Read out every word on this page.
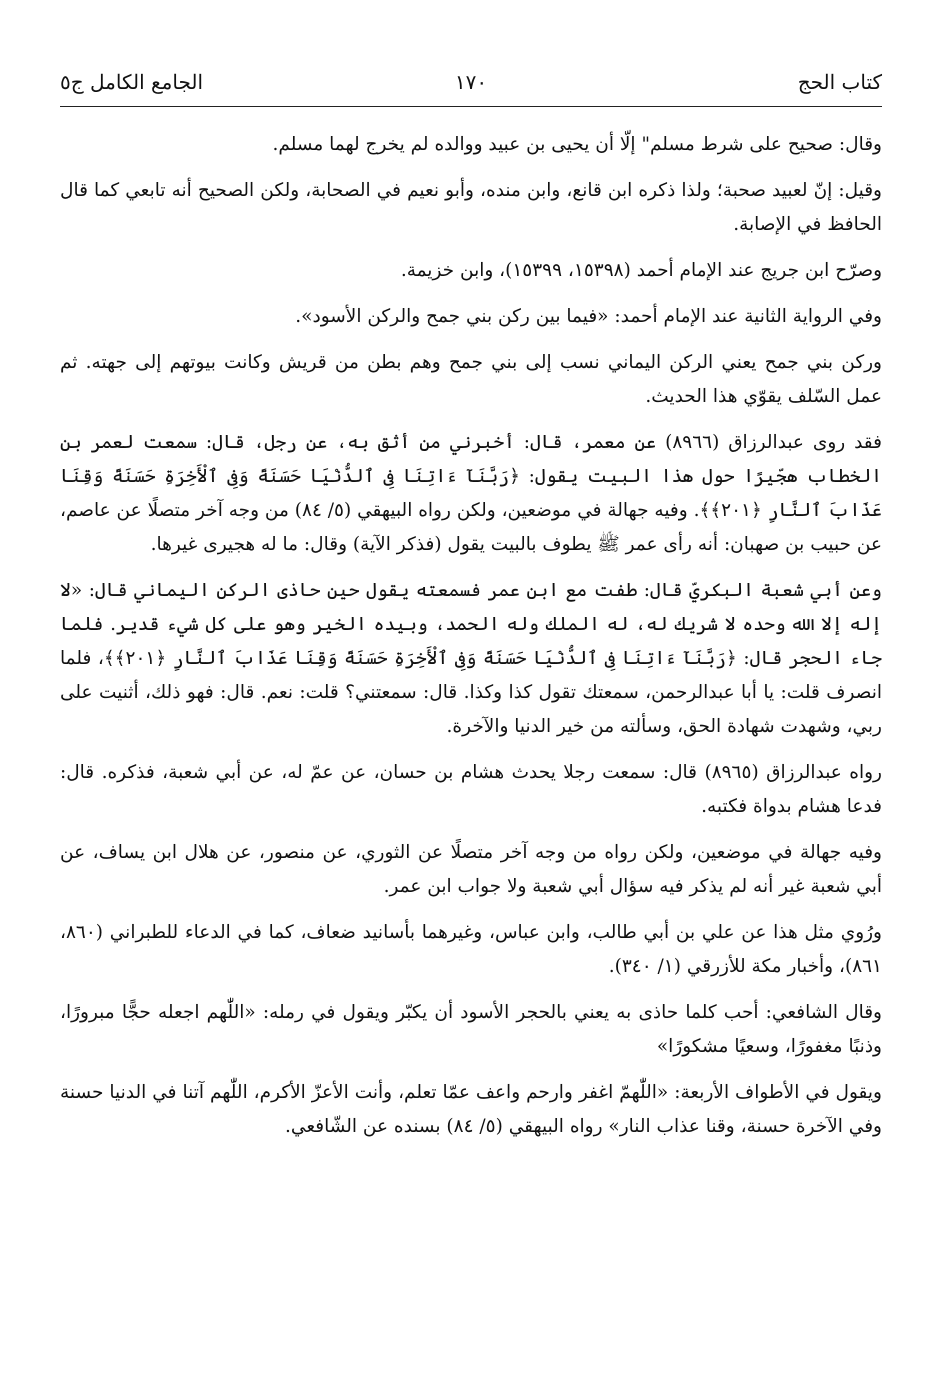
كتاب الحج
١٧٠
الجامع الكامل ج٥

وقال: صحيح على شرط مسلم" إلّا أن يحيى بن عبيد ووالده لم يخرج لهما مسلم.

وقيل: إنّ لعبيد صحبة؛ ولذا ذكره ابن قانع، وابن منده، وأبو نعيم في الصحابة، ولكن الصحيح أنه تابعي كما قال الحافظ في الإصابة.

وصرّح ابن جريج عند الإمام أحمد (١٥٣٩٨، ١٥٣٩٩)، وابن خزيمة.

وفي الرواية الثانية عند الإمام أحمد: «فيما بين ركن بني جمح والركن الأسود».

وركن بني جمح يعني الركن اليماني نسب إلى بني جمح وهم بطن من قريش وكانت بيوتهم إلى جهته. ثم عمل السّلف يقوّي هذا الحديث.

فقد روى عبدالرزاق (٨٩٦٦) عن معمر، قال: أخبرني من أثق به، عن رجل، قال: سمعت لعمر بن الخطاب هجّيرًا حول هذا البيت يقول: ﴿رَبَّنَآ ءَاتِنَا فِى ٱلدُّنْيَا حَسَنَةً وَفِى ٱلْأَخِرَةِ حَسَنَةً وَقِنَا عَذَابَ ٱلنَّارِ ﴿٢٠١﴾﴾. وفيه جهالة في موضعين، ولكن رواه البيهقي (٥/ ٨٤) من وجه آخر متصلًا عن عاصم، عن حبيب بن صهبان: أنه رأى عمر ﷺ يطوف بالبيت يقول (فذكر الآية) وقال: ما له هجيرى غيرها.

وعن أبي شعبة البكريّ قال: طفت مع ابن عمر فسمعته يقول حين حاذى الركن اليماني قال: «لا إله إلا الله وحده لا شريك له، له الملك وله الحمد، وبيده الخير وهو على كل شيء قدير. فلما جاء الحجر قال: ﴿رَبَّنَآ ءَاتِنَا فِى ٱلدُّنْيَا حَسَنَةً وَفِى ٱلْأَخِرَةِ حَسَنَةً وَقِنَا عَذَابَ ٱلنَّارِ ﴿٢٠١﴾﴾، فلما انصرف قلت: يا أبا عبدالرحمن، سمعتك تقول كذا وكذا. قال: سمعتني؟ قلت: نعم. قال: فهو ذلك، أثنيت على ربي، وشهدت شهادة الحق، وسألته من خير الدنيا والآخرة.

رواه عبدالرزاق (٨٩٦٥) قال: سمعت رجلا يحدث هشام بن حسان، عن عمّ له، عن أبي شعبة، فذكره. قال: فدعا هشام بدواة فكتبه.

وفيه جهالة في موضعين، ولكن رواه من وجه آخر متصلًا عن الثوري، عن منصور، عن هلال ابن يساف، عن أبي شعبة غير أنه لم يذكر فيه سؤال أبي شعبة ولا جواب ابن عمر.

ورُوي مثل هذا عن علي بن أبي طالب، وابن عباس، وغيرهما بأسانيد ضعاف، كما في الدعاء للطبراني (٨٦٠، ٨٦١)، وأخبار مكة للأزرقي (١/ ٣٤٠).

وقال الشافعي: أحب كلما حاذى به يعني بالحجر الأسود أن يكبّر ويقول في رمله: «اللّٰهم اجعله حجًّا مبرورًا، وذنبًا مغفورًا، وسعيًا مشكورًا»

ويقول في الأطواف الأربعة: «اللّٰهمّ اغفر وارحم واعف عمّا تعلم، وأنت الأعزّ الأكرم، اللّٰهم آتنا في الدنيا حسنة وفي الآخرة حسنة، وقنا عذاب النار» رواه البيهقي (٥/ ٨٤) بسنده عن الشّافعي.
